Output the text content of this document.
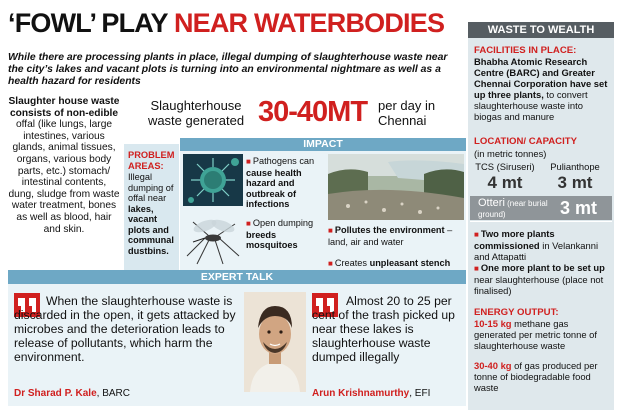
‘FOWL’ PLAY NEAR WATERBODIES
While there are processing plants in place, illegal dumping of slaughterhouse waste near the city’s lakes and vacant plots is turning into an environmental nightmare as well as a health hazard for residents
Slaughter house waste consists of non-edible offal (like lungs, large intestines, various glands, animal tissues, organs, various body parts, etc.) stomach/ intestinal contents, dung, sludge from waste water treatment, bones as well as blood, hair and skin.
Slaughterhouse waste generated 30-40MT per day in Chennai
PROBLEM AREAS:
Illegal dumping of offal near lakes, vacant plots and communal dustbins.
IMPACT
■ Pathogens can cause health hazard and outbreak of infections
■ Open dumping breeds mosquitoes
■ Pollutes the environment – land, air and water
■ Creates unpleasant stench
EXPERT TALK
When the slaughterhouse waste is discarded in the open, it gets attacked by microbes and the deterioration leads to release of pollutants, which harm the environment.
Dr Sharad P. Kale, BARC
Almost 20 to 25 per cent of the trash picked up near these lakes is slaughterhouse waste dumped illegally
Arun Krishnamurthy, EFI
WASTE TO WEALTH
FACILITIES IN PLACE: Bhabha Atomic Research Centre (BARC) and Greater Chennai Corporation have set up three plants, to convert slaughterhouse waste into biogas and manure
LOCATION/ CAPACITY
(in metric tonnes)
TCS (Siruseri)
4 mt
Pulianthope
3 mt
Otteri (near burial ground)	3 mt
■ Two more plants commissioned in Velankanni and Attapatti
■ One more plant to be set up near slaughterhouse (place not finalised)
ENERGY OUTPUT:
10-15 kg methane gas generated per metric tonne of slaughterhouse waste
30-40 kg of gas produced per tonne of biodegradable food waste
